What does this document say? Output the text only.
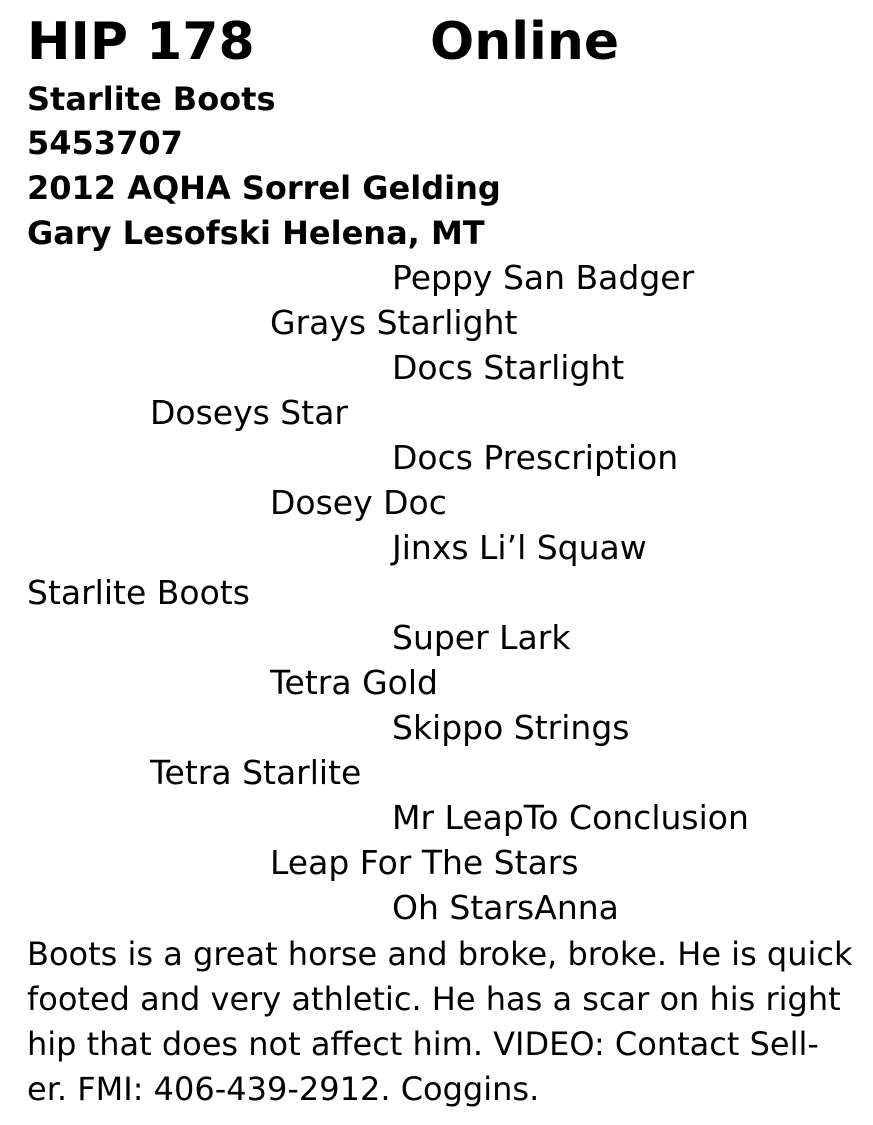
HIP 178	Online
Starlite Boots
5453707
2012 AQHA Sorrel Gelding
Gary Lesofski Helena, MT
Peppy San Badger
Grays Starlight
Docs Starlight
Doseys Star
Docs Prescription
Dosey Doc
Jinxs Li’l Squaw
Starlite Boots
Super Lark
Tetra Gold
Skippo Strings
Tetra Starlite
Mr LeapTo Conclusion
Leap For The Stars
Oh StarsAnna
Boots is a great horse and broke, broke. He is quick
footed and very athletic. He has a scar on his right
hip that does not affect him. VIDEO: Contact Sell-
er. FMI: 406-439-2912. Coggins.
